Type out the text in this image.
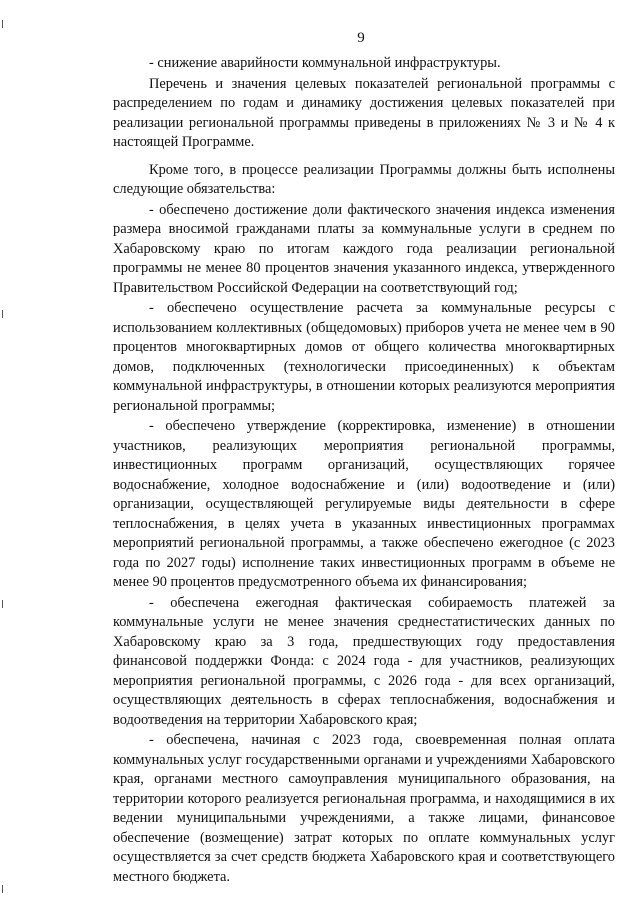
9

- снижение аварийности коммунальной инфраструктуры.

Перечень и значения целевых показателей региональной программы с распределением по годам и динамику достижения целевых показателей при реализации региональной программы приведены в приложениях № 3 и № 4 к настоящей Программе.

Кроме того, в процессе реализации Программы должны быть исполнены следующие обязательства:

- обеспечено достижение доли фактического значения индекса изменения размера вносимой гражданами платы за коммунальные услуги в среднем по Хабаровскому краю по итогам каждого года реализации региональной программы не менее 80 процентов значения указанного индекса, утвержденного Правительством Российской Федерации на соответствующий год;

- обеспечено осуществление расчета за коммунальные ресурсы с использованием коллективных (общедомовых) приборов учета не менее чем в 90 процентов многоквартирных домов от общего количества многоквартирных домов, подключенных (технологически присоединенных) к объектам коммунальной инфраструктуры, в отношении которых реализуются мероприятия региональной программы;

- обеспечено утверждение (корректировка, изменение) в отношении участников, реализующих мероприятия региональной программы, инвестиционных программ организаций, осуществляющих горячее водоснабжение, холодное водоснабжение и (или) водоотведение и (или) организации, осуществляющей регулируемые виды деятельности в сфере теплоснабжения, в целях учета в указанных инвестиционных программах мероприятий региональной программы, а также обеспечено ежегодное (с 2023 года по 2027 годы) исполнение таких инвестиционных программ в объеме не менее 90 процентов предусмотренного объема их финансирования;

- обеспечена ежегодная фактическая собираемость платежей за коммунальные услуги не менее значения среднестатистических данных по Хабаровскому краю за 3 года, предшествующих году предоставления финансовой поддержки Фонда: с 2024 года - для участников, реализующих мероприятия региональной программы, с 2026 года - для всех организаций, осуществляющих деятельность в сферах теплоснабжения, водоснабжения и водоотведения на территории Хабаровского края;

- обеспечена, начиная с 2023 года, своевременная полная оплата коммунальных услуг государственными органами и учреждениями Хабаровского края, органами местного самоуправления муниципального образования, на территории которого реализуется региональная программа, и находящимися в их ведении муниципальными учреждениями, а также лицами, финансовое обеспечение (возмещение) затрат которых по оплате коммунальных услуг осуществляется за счет средств бюджета Хабаровского края и соответствующего местного бюджета.
